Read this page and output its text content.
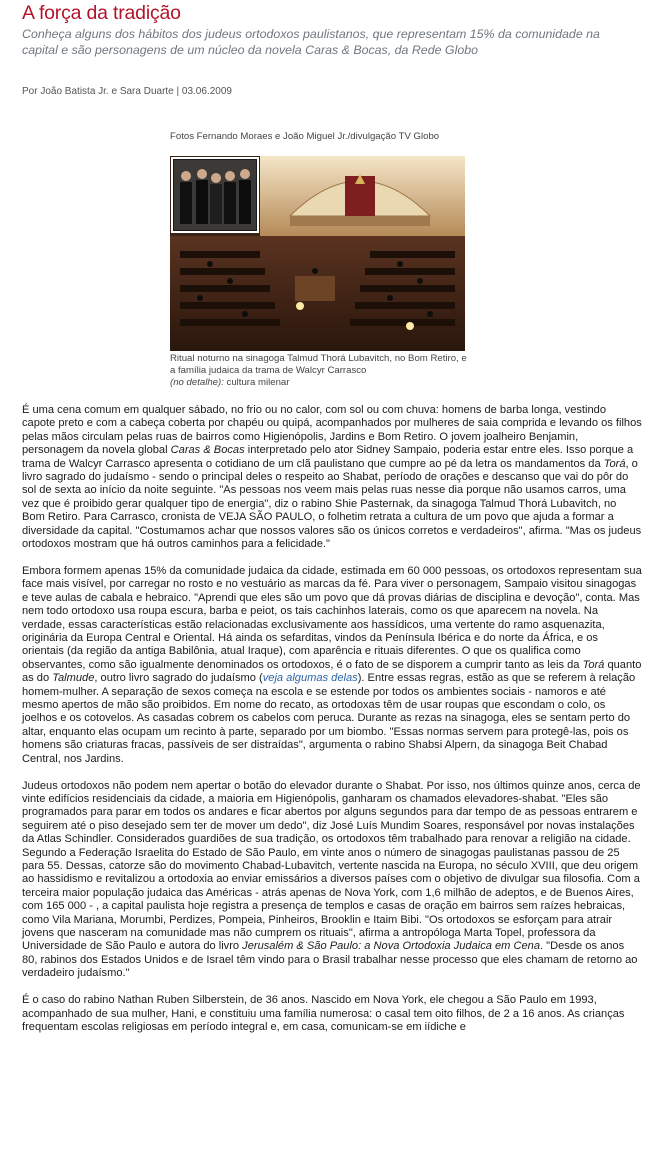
A força da tradição

Conheça alguns dos hábitos dos judeus ortodoxos paulistanos, que representam 15% da comunidade na capital e são personagens de um núcleo da novela Caras & Bocas, da Rede Globo

Por João Batista Jr. e Sara Duarte | 03.06.2009

Fotos Fernando Moraes e João Miguel Jr./divulgação TV Globo
Ritual noturno na sinagoga Talmud Thorá Lubavitch, no Bom Retiro, e a família judaica da trama de Walcyr Carrasco
(no detalhe): cultura milenar

É uma cena comum em qualquer sábado, no frio ou no calor, com sol ou com chuva: homens de barba longa, vestindo capote preto e com a cabeça coberta por chapéu ou quipá, acompanhados por mulheres de saia comprida e levando os filhos pelas mãos circulam pelas ruas de bairros como Higienópolis, Jardins e Bom Retiro. O jovem joalheiro Benjamin, personagem da novela global Caras & Bocas interpretado pelo ator Sidney Sampaio, poderia estar entre eles. Isso porque a trama de Walcyr Carrasco apresenta o cotidiano de um clã paulistano que cumpre ao pé da letra os mandamentos da Torá, o livro sagrado do judaísmo - sendo o principal deles o respeito ao Shabat, período de orações e descanso que vai do pôr do sol de sexta ao início da noite seguinte. "As pessoas nos veem mais pelas ruas nesse dia porque não usamos carros, uma vez que é proibido gerar qualquer tipo de energia", diz o rabino Shie Pasternak, da sinagoga Talmud Thorá Lubavitch, no Bom Retiro. Para Carrasco, cronista de VEJA SÃO PAULO, o folhetim retrata a cultura de um povo que ajuda a formar a diversidade da capital. "Costumamos achar que nossos valores são os únicos corretos e verdadeiros", afirma. "Mas os judeus ortodoxos mostram que há outros caminhos para a felicidade."

Embora formem apenas 15% da comunidade judaica da cidade, estimada em 60 000 pessoas, os ortodoxos representam sua face mais visível, por carregar no rosto e no vestuário as marcas da fé. Para viver o personagem, Sampaio visitou sinagogas e teve aulas de cabala e hebraico. "Aprendi que eles são um povo que dá provas diárias de disciplina e devoção", conta. Mas nem todo ortodoxo usa roupa escura, barba e peiot, os tais cachinhos laterais, como os que aparecem na novela. Na verdade, essas características estão relacionadas exclusivamente aos hassídicos, uma vertente do ramo asquenazita, originária da Europa Central e Oriental. Há ainda os sefarditas, vindos da Península Ibérica e do norte da África, e os orientais (da região da antiga Babilônia, atual Iraque), com aparência e rituais diferentes. O que os qualifica como observantes, como são igualmente denominados os ortodoxos, é o fato de se disporem a cumprir tanto as leis da Torá quanto as do Talmude, outro livro sagrado do judaísmo (veja algumas delas). Entre essas regras, estão as que se referem à relação homem-mulher. A separação de sexos começa na escola e se estende por todos os ambientes sociais - namoros e até mesmo apertos de mão são proibidos. Em nome do recato, as ortodoxas têm de usar roupas que escondam o colo, os joelhos e os cotovelos. As casadas cobrem os cabelos com peruca. Durante as rezas na sinagoga, eles se sentam perto do altar, enquanto elas ocupam um recinto à parte, separado por um biombo. "Essas normas servem para protegê-las, pois os homens são criaturas fracas, passíveis de ser distraídas", argumenta o rabino Shabsi Alpern, da sinagoga Beit Chabad Central, nos Jardins.

Judeus ortodoxos não podem nem apertar o botão do elevador durante o Shabat. Por isso, nos últimos quinze anos, cerca de vinte edifícios residenciais da cidade, a maioria em Higienópolis, ganharam os chamados elevadores-shabat. "Eles são programados para parar em todos os andares e ficar abertos por alguns segundos para dar tempo de as pessoas entrarem e seguirem até o piso desejado sem ter de mover um dedo", diz José Luís Mundim Soares, responsável por novas instalações da Atlas Schindler. Considerados guardiões de sua tradição, os ortodoxos têm trabalhado para renovar a religião na cidade. Segundo a Federação Israelita do Estado de São Paulo, em vinte anos o número de sinagogas paulistanas passou de 25 para 55. Dessas, catorze são do movimento Chabad-Lubavitch, vertente nascida na Europa, no século XVIII, que deu origem ao hassidismo e revitalizou a ortodoxia ao enviar emissários a diversos países com o objetivo de divulgar sua filosofia. Com a terceira maior população judaica das Américas - atrás apenas de Nova York, com 1,6 milhão de adeptos, e de Buenos Aires, com 165 000 - , a capital paulista hoje registra a presença de templos e casas de oração em bairros sem raízes hebraicas, como Vila Mariana, Morumbi, Perdizes, Pompeia, Pinheiros, Brooklin e Itaim Bibi. "Os ortodoxos se esforçam para atrair jovens que nasceram na comunidade mas não cumprem os rituais", afirma a antropóloga Marta Topel, professora da Universidade de São Paulo e autora do livro Jerusalém & São Paulo: a Nova Ortodoxia Judaica em Cena. "Desde os anos 80, rabinos dos Estados Unidos e de Israel têm vindo para o Brasil trabalhar nesse processo que eles chamam de retorno ao verdadeiro judaísmo."

É o caso do rabino Nathan Ruben Silberstein, de 36 anos. Nascido em Nova York, ele chegou a São Paulo em 1993, acompanhado de sua mulher, Hani, e constituiu uma família numerosa: o casal tem oito filhos, de 2 a 16 anos. As crianças frequentam escolas religiosas em período integral e, em casa, comunicam-se em iídiche e
